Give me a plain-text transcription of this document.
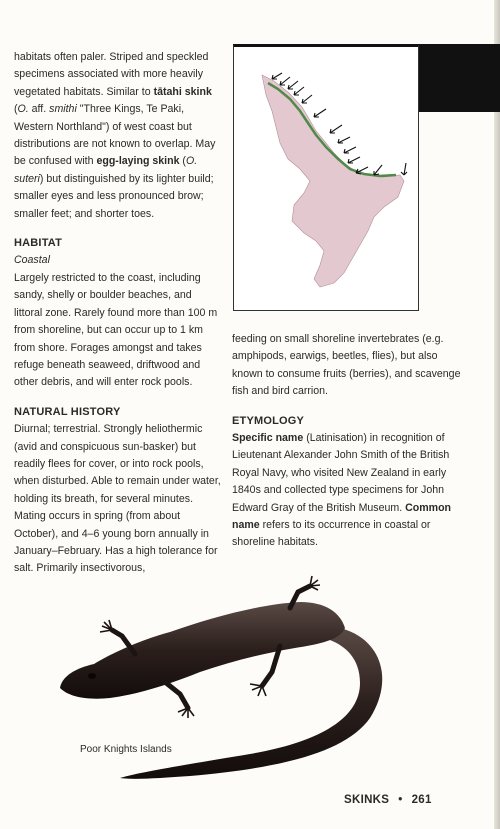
habitats often paler. Striped and speckled specimens associated with more heavily vegetated habitats. Similar to tātahi skink (O. aff. smithi "Three Kings, Te Paki, Western Northland") of west coast but distributions are not known to overlap. May be confused with egg-laying skink (O. suteri) but distinguished by its lighter build; smaller eyes and less pronounced brow; smaller feet; and shorter toes.

HABITAT

Coastal

Largely restricted to the coast, including sandy, shelly or boulder beaches, and littoral zone. Rarely found more than 100 m from shoreline, but can occur up to 1 km from shore. Forages amongst and takes refuge beneath seaweed, driftwood and other debris, and will enter rock pools.

NATURAL HISTORY

Diurnal; terrestrial. Strongly heliothermic (avid and conspicuous sun-basker) but readily flees for cover, or into rock pools, when disturbed. Able to remain under water, holding its breath, for several minutes. Mating occurs in spring (from about October), and 4–6 young born annually in January–February. Has a high tolerance for salt. Primarily insectivorous,

feeding on small shoreline invertebrates (e.g. amphipods, earwigs, beetles, flies), but also known to consume fruits (berries), and scavenge fish and bird carrion.

ETYMOLOGY

Specific name (Latinisation) in recognition of Lieutenant Alexander John Smith of the British Royal Navy, who visited New Zealand in early 1840s and collected type specimens for John Edward Gray of the British Museum. Common name refers to its occurrence in coastal or shoreline habitats.

Poor Knights Islands
SKINKS • 261
